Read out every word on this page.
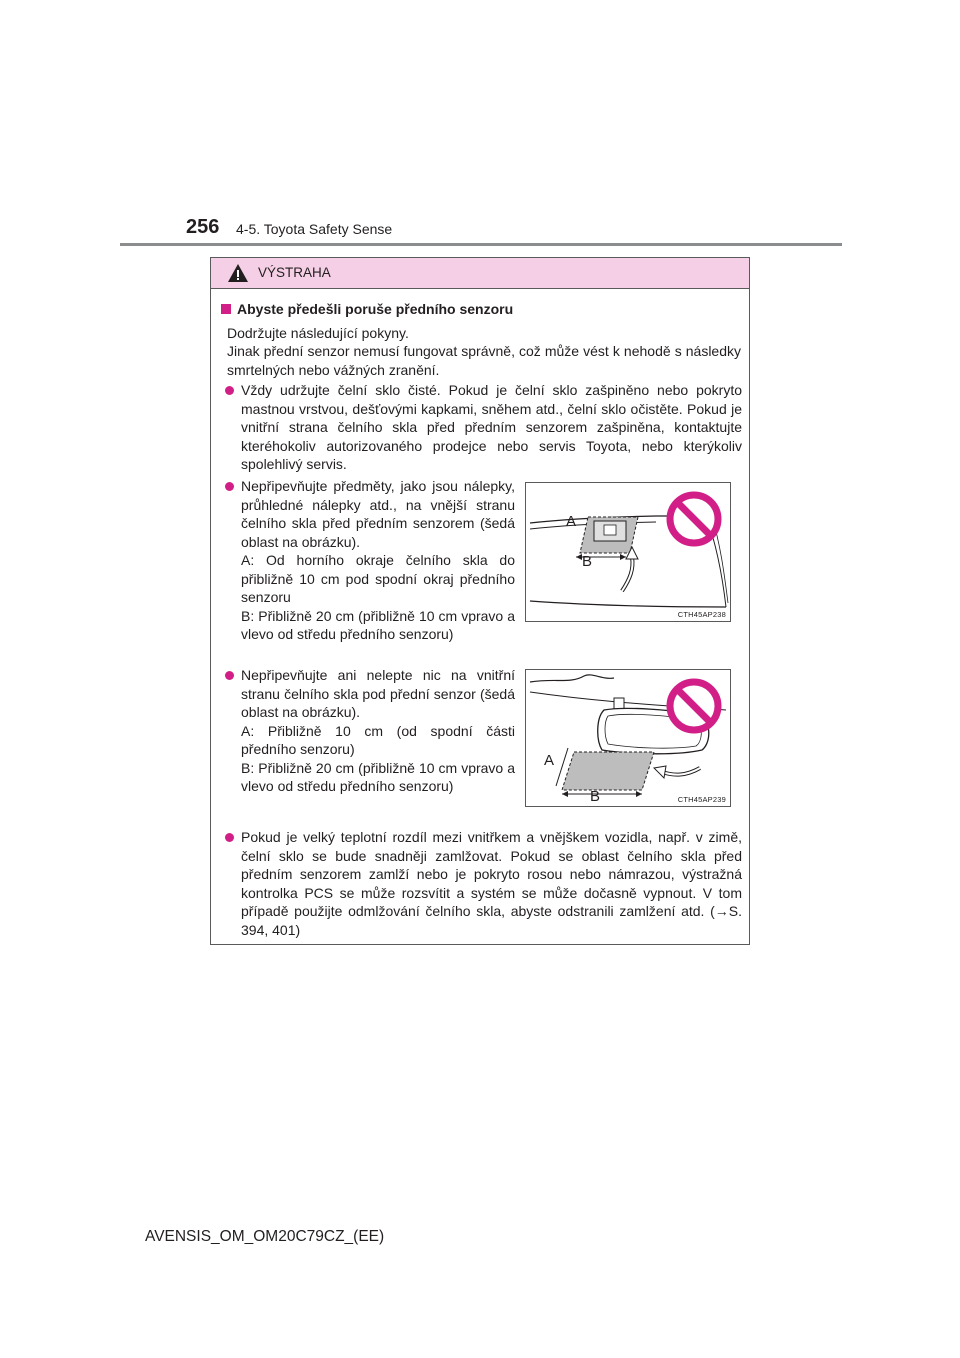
256 4-5. Toyota Safety Sense
VÝSTRAHA
Abyste předešli poruše předního senzoru
Dodržujte následující pokyny.
Jinak přední senzor nemusí fungovat správně, což může vést k nehodě s následky smrtelných nebo vážných zranění.
Vždy udržujte čelní sklo čisté. Pokud je čelní sklo zašpiněno nebo pokryto mastnou vrstvou, dešťovými kapkami, sněhem atd., čelní sklo očistěte. Pokud je vnitřní strana čelního skla před předním senzorem zašpiněna, kontaktujte kteréhokoliv autorizovaného prodejce nebo servis Toyota, nebo kterýkoliv spolehlivý servis.
Nepřipevňujte předměty, jako jsou nálepky, průhledné nálepky atd., na vnější stranu čelního skla před předním senzorem (šedá oblast na obrázku).
A: Od horního okraje čelního skla do přibližně 10 cm pod spodní okraj předního senzoru
B: Přibližně 20 cm (přibližně 10 cm vpravo a vlevo od středu předního senzoru)
Nepřipevňujte ani nelepte nic na vnitřní stranu čelního skla pod přední senzor (šedá oblast na obrázku).
A: Přibližně 10 cm (od spodní části předního senzoru)
B: Přibližně 20 cm (přibližně 10 cm vpravo a vlevo od středu předního senzoru)
Pokud je velký teplotní rozdíl mezi vnitřkem a vnějškem vozidla, např. v zimě, čelní sklo se bude snadněji zamlžovat. Pokud se oblast čelního skla před předním senzorem zamlží nebo je pokryto rosou nebo námrazou, výstražná kontrolka PCS se může rozsvítit a systém se může dočasně vypnout. V tom případě použijte odmlžování čelního skla, abyste odstranili zamlžení atd. (→S. 394, 401)
A
B
CTH45AP238
A
B	CTH45AP239
AVENSIS_OM_OM20C79CZ_(EE)
